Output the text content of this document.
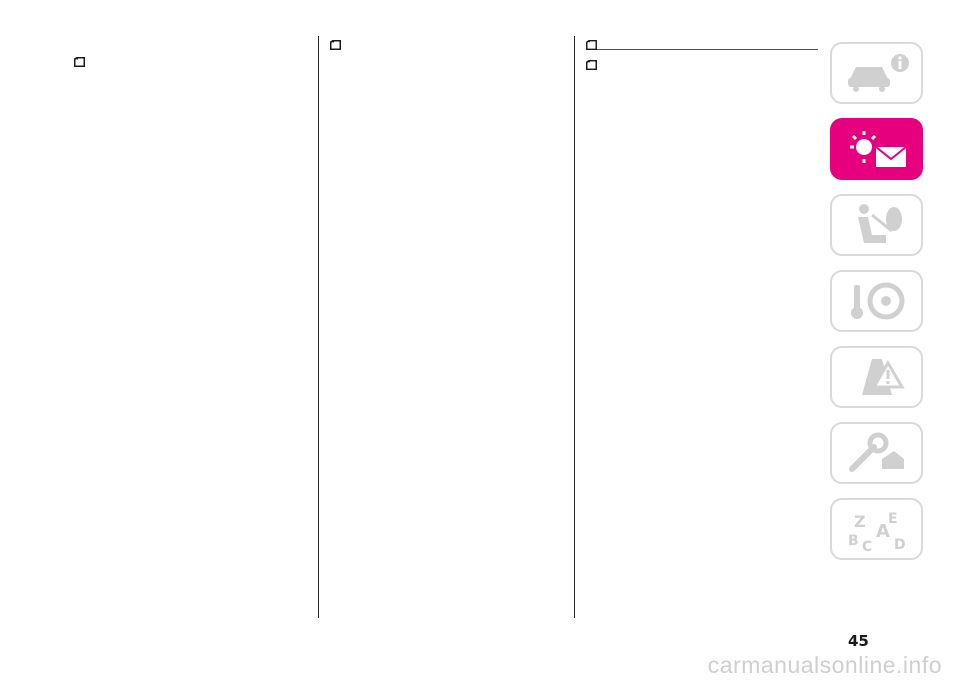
Z E
A
B C D
45
carmanualsonline.info
